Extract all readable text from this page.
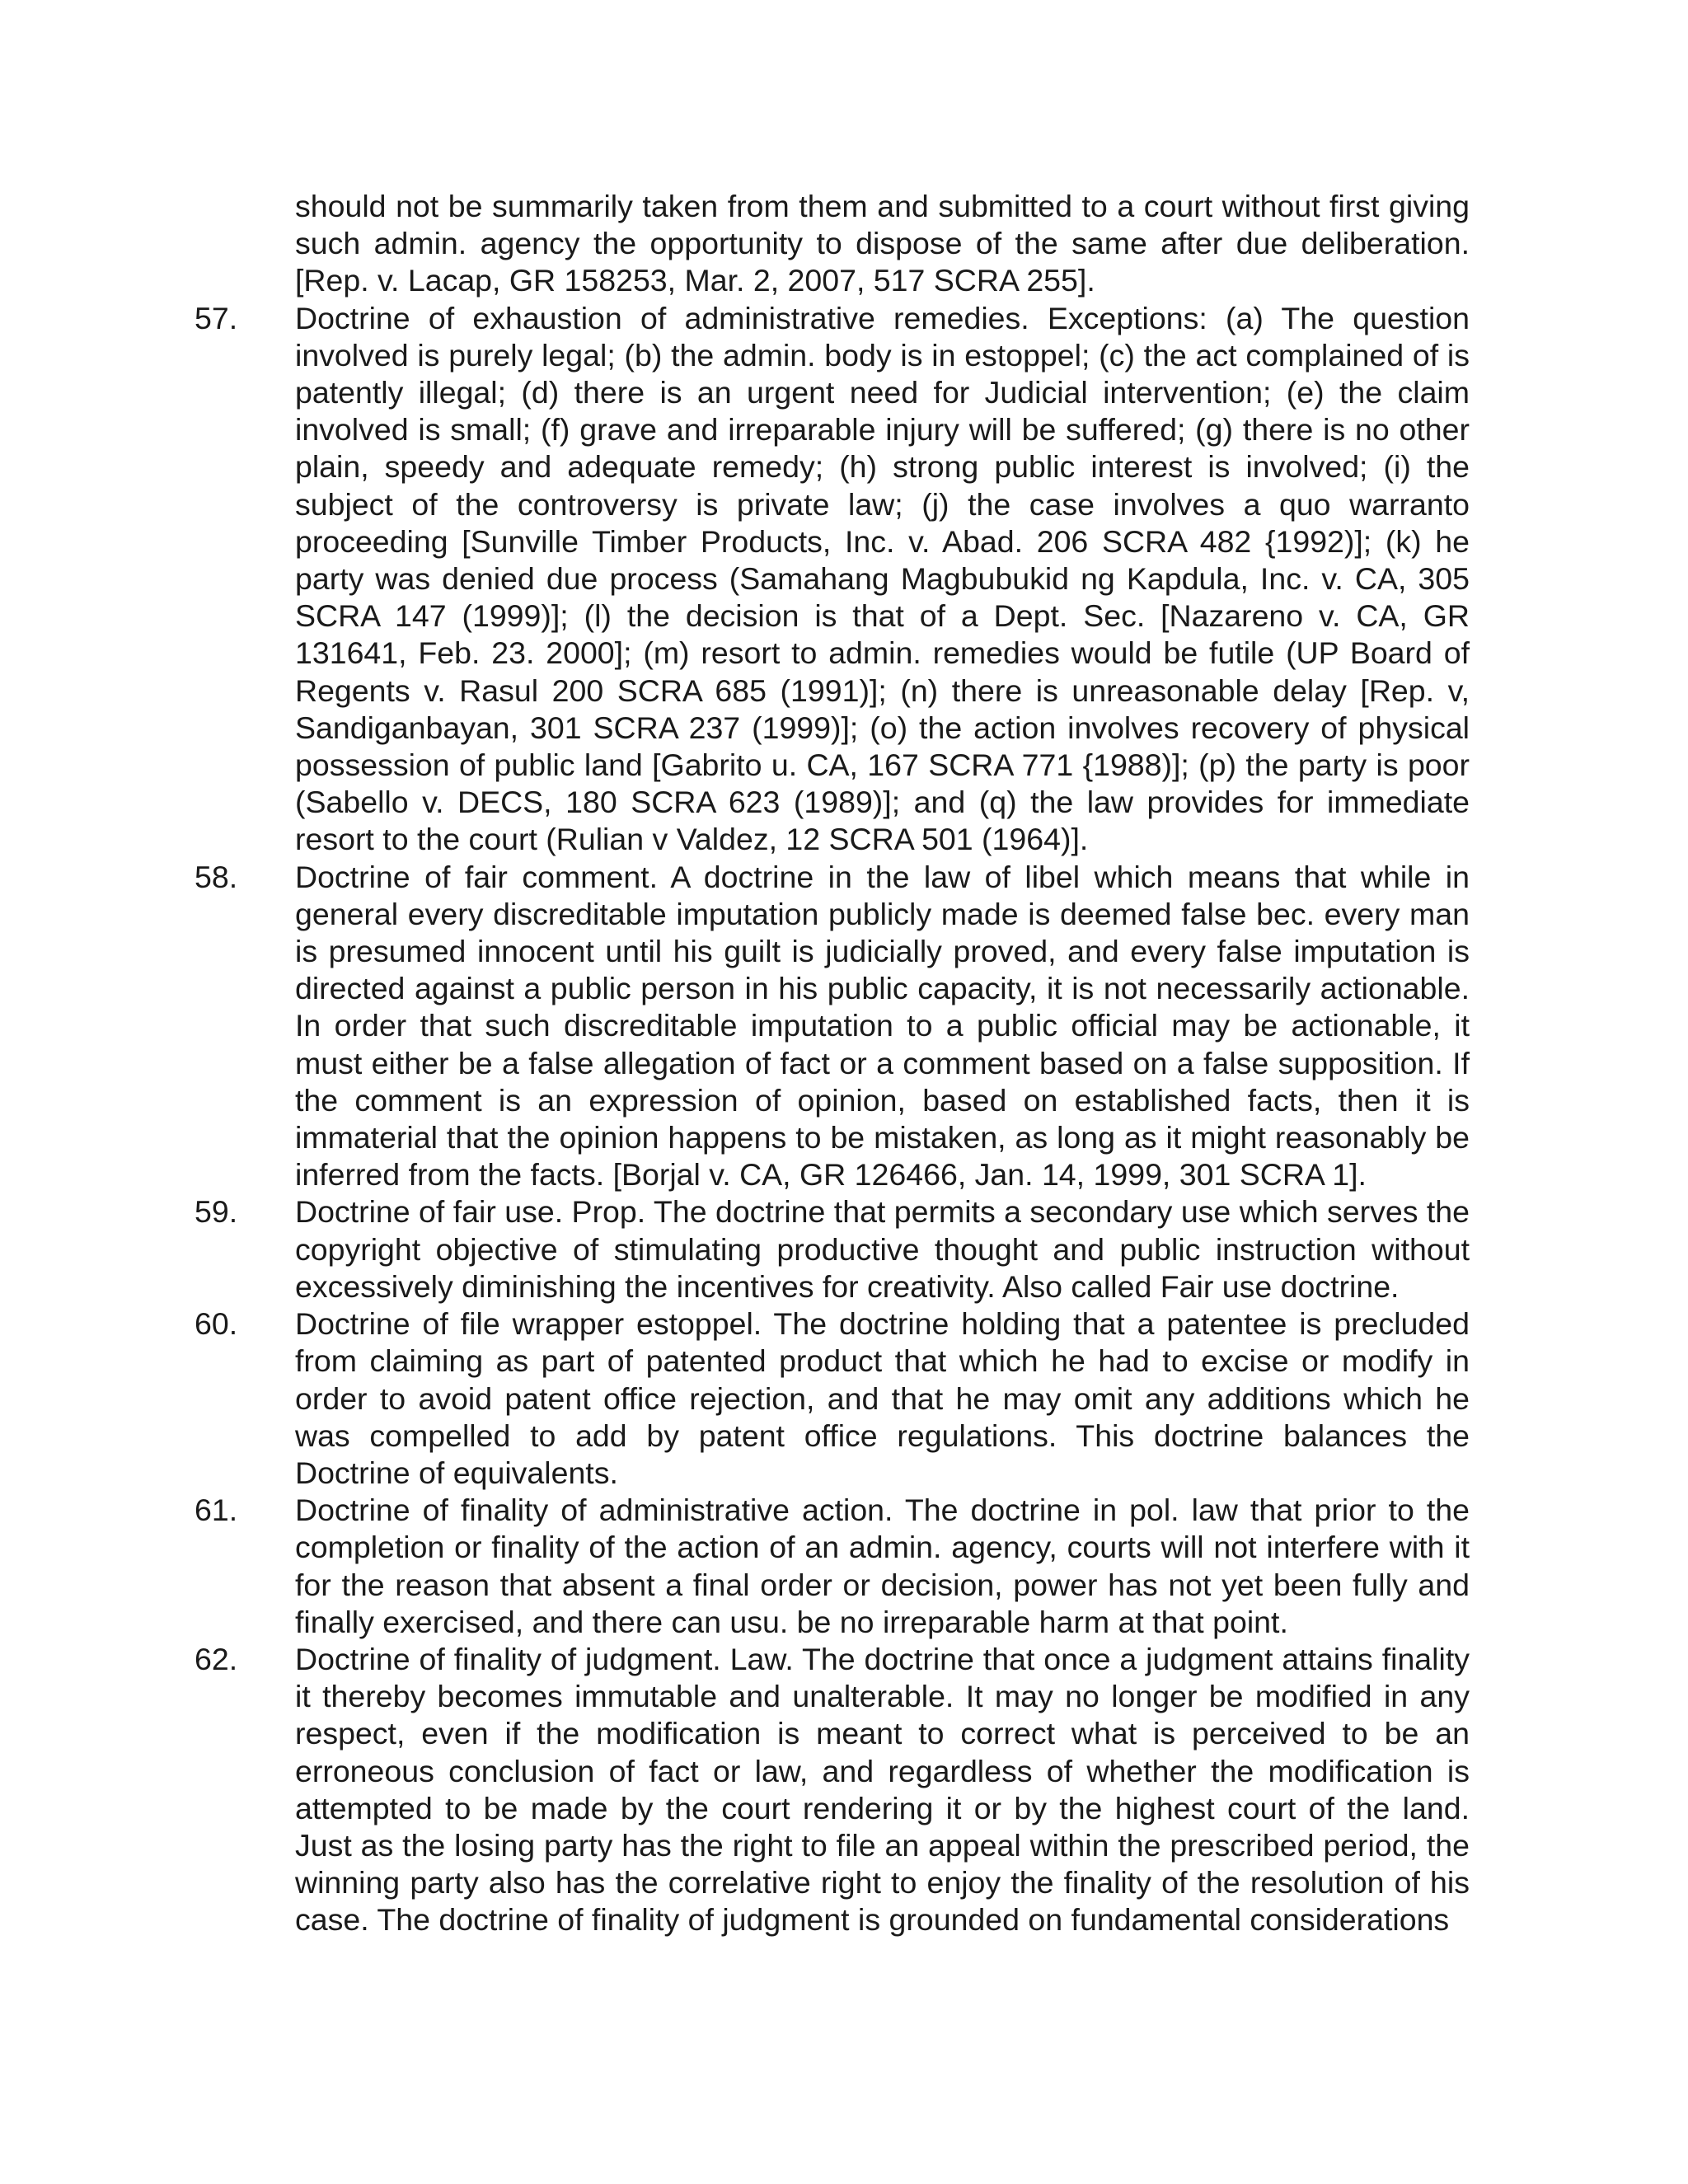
should not be summarily taken from them and submitted to a court without first giving such admin. agency the opportunity to dispose of the same after due deliberation. [Rep. v. Lacap, GR 158253, Mar. 2, 2007, 517 SCRA 255].
57.	Doctrine of exhaustion of administrative remedies. Exceptions: (a) The question involved is purely legal; (b) the admin. body is in estoppel; (c) the act complained of is patently illegal; (d) there is an urgent need for Judicial intervention; (e) the claim involved is small; (f) grave and irreparable injury will be suffered; (g) there is no other plain, speedy and adequate remedy; (h) strong public interest is involved; (i) the subject of the controversy is private law; (j) the case involves a quo warranto proceeding [Sunville Timber Products, Inc. v. Abad. 206 SCRA 482 {1992)]; (k) he party was denied due process (Samahang Magbubukid ng Kapdula, Inc. v. CA, 305 SCRA 147 (1999)]; (l) the decision is that of a Dept. Sec. [Nazareno v. CA, GR 131641, Feb. 23. 2000]; (m) resort to admin. remedies would be futile (UP Board of Regents v. Rasul 200 SCRA 685 (1991)]; (n) there is unreasonable delay [Rep. v, Sandiganbayan, 301 SCRA 237 (1999)]; (o) the action involves recovery of physical possession of public land [Gabrito u. CA, 167 SCRA 771 {1988)]; (p) the party is poor (Sabello v. DECS, 180 SCRA 623 (1989)]; and (q) the law provides for immediate resort to the court (Rulian v Valdez, 12 SCRA 501 (1964)].
58.	Doctrine of fair comment. A doctrine in the law of libel which means that while in general every discreditable imputation publicly made is deemed false bec. every man is presumed innocent until his guilt is judicially proved, and every false imputation is directed against a public person in his public capacity, it is not necessarily actionable. In order that such discreditable imputation to a public official may be actionable, it must either be a false allegation of fact or a comment based on a false supposition. If the comment is an expression of opinion, based on established facts, then it is immaterial that the opinion happens to be mistaken, as long as it might reasonably be inferred from the facts. [Borjal v. CA, GR 126466, Jan. 14, 1999, 301 SCRA 1].
59.	Doctrine of fair use. Prop. The doctrine that permits a secondary use which serves the copyright objective of stimulating productive thought and public instruction without excessively diminishing the incentives for creativity. Also called Fair use doctrine.
60.	Doctrine of file wrapper estoppel. The doctrine holding that a patentee is precluded from claiming as part of patented product that which he had to excise or modify in order to avoid patent office rejection, and that he may omit any additions which he was compelled to add by patent office regulations. This doctrine balances the Doctrine of equivalents.
61.	Doctrine of finality of administrative action. The doctrine in pol. law that prior to the completion or finality of the action of an admin. agency, courts will not interfere with it for the reason that absent a final order or decision, power has not yet been fully and finally exercised, and there can usu. be no irreparable harm at that point.
62.	Doctrine of finality of judgment. Law. The doctrine that once a judgment attains finality it thereby becomes immutable and unalterable. It may no longer be modified in any respect, even if the modification is meant to correct what is perceived to be an erroneous conclusion of fact or law, and regardless of whether the modification is attempted to be made by the court rendering it or by the highest court of the land. Just as the losing party has the right to file an appeal within the prescribed period, the winning party also has the correlative right to enjoy the finality of the resolution of his case. The doctrine of finality of judgment is grounded on fundamental considerations
